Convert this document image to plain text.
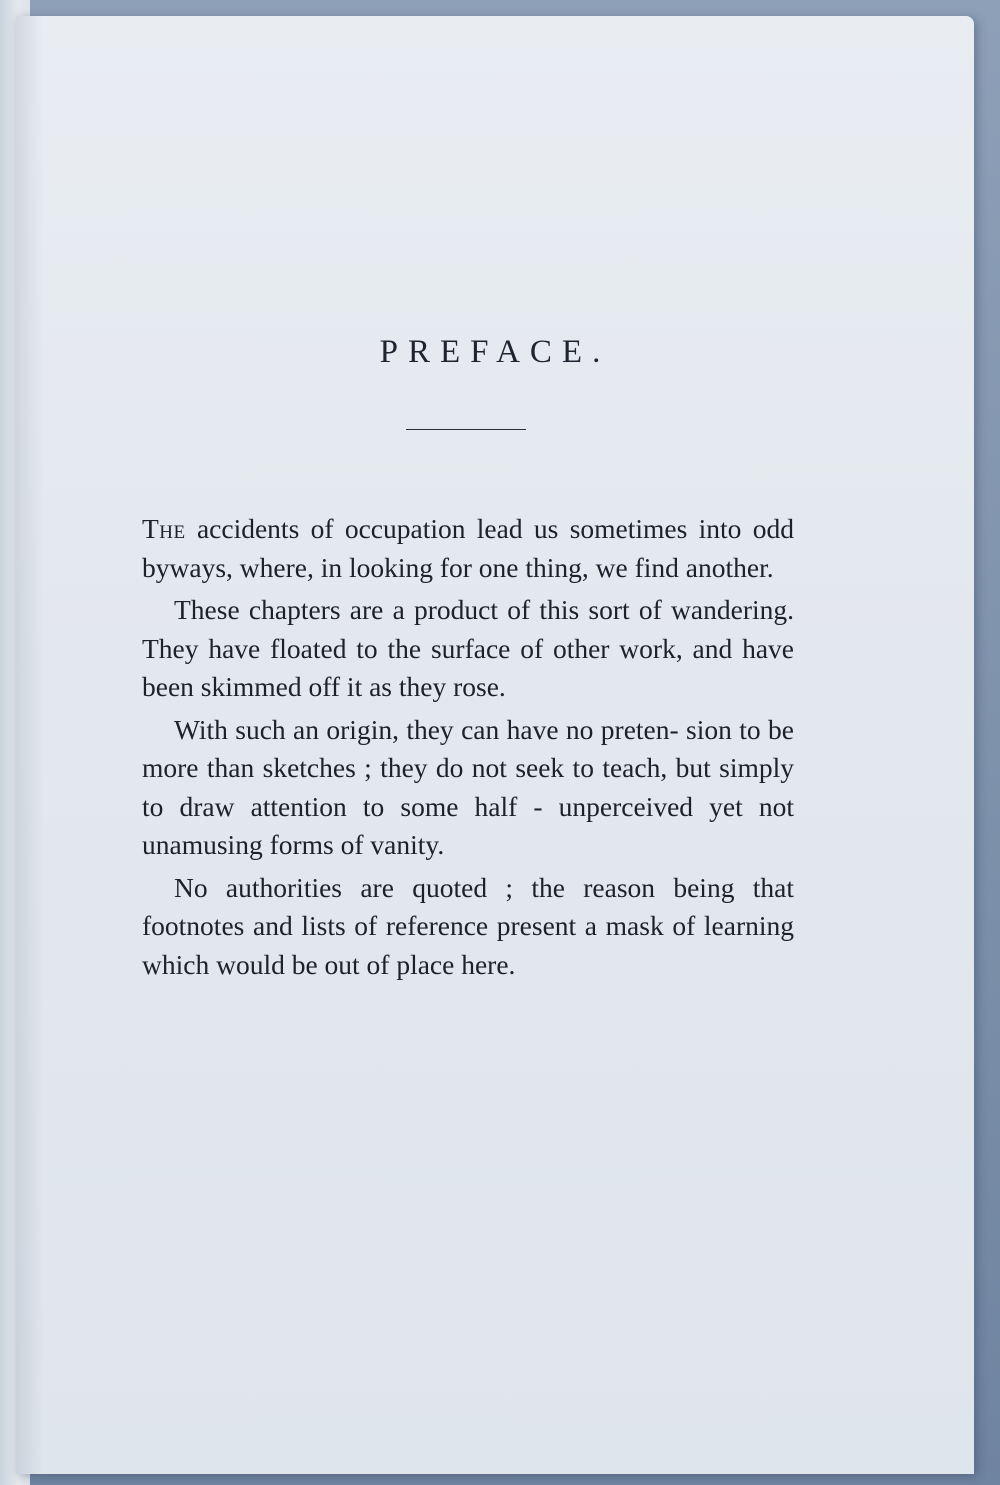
PREFACE.

The accidents of occupation lead us sometimes into odd byways, where, in looking for one thing, we find another.

These chapters are a product of this sort of wandering. They have floated to the surface of other work, and have been skimmed off it as they rose.

With such an origin, they can have no preten- sion to be more than sketches ; they do not seek to teach, but simply to draw attention to some half - unperceived yet not unamusing forms of vanity.

No authorities are quoted ; the reason being that footnotes and lists of reference present a mask of learning which would be out of place here.
